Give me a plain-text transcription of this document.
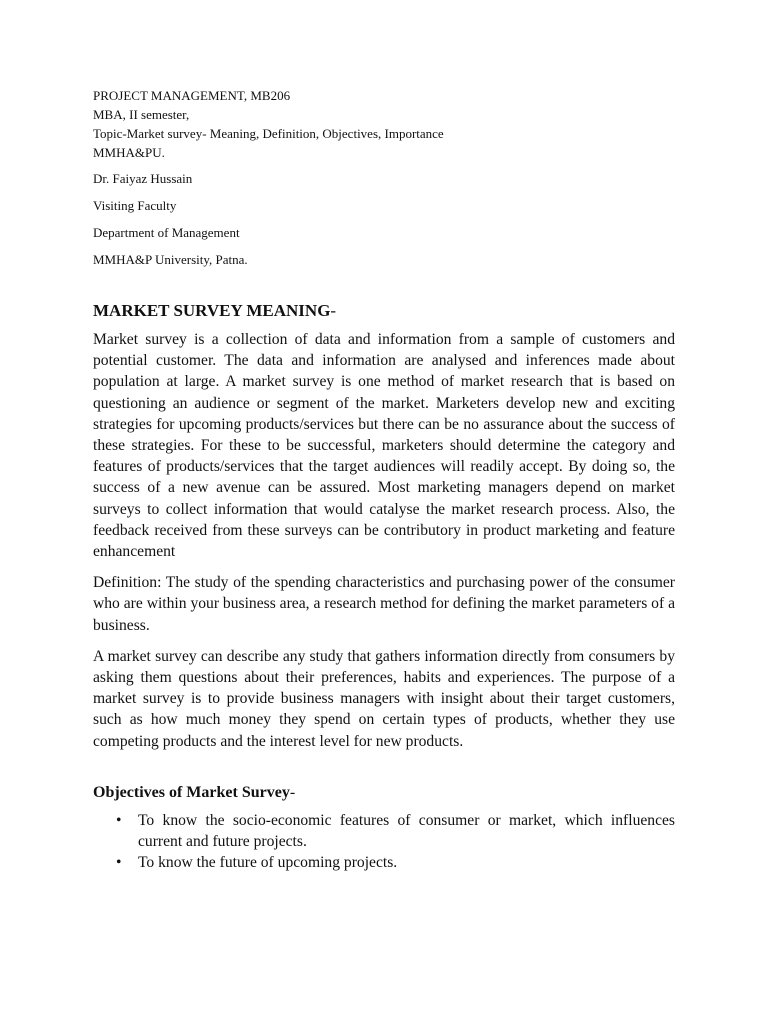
PROJECT MANAGEMENT, MB206

MBA, II semester,

Topic-Market survey- Meaning, Definition, Objectives, Importance

MMHA&PU.

Dr. Faiyaz Hussain

Visiting Faculty

Department of Management

MMHA&P University, Patna.

MARKET SURVEY MEANING-

Market survey is a collection of data and information from a sample of customers and potential customer. The data and information are analysed and inferences made about population at large. A market survey is one method of market research that is based on questioning an audience or segment of the market. Marketers develop new and exciting strategies for upcoming products/services but there can be no assurance about the success of these strategies. For these to be successful, marketers should determine the category and features of products/services that the target audiences will readily accept. By doing so, the success of a new avenue can be assured. Most marketing managers depend on market surveys to collect information that would catalyse the market research process. Also, the feedback received from these surveys can be contributory in product marketing and feature enhancement

Definition: The study of the spending characteristics and purchasing power of the consumer who are within your business area, a research method for defining the market parameters of a business.

A market survey can describe any study that gathers information directly from consumers by asking them questions about their preferences, habits and experiences. The purpose of a market survey is to provide business managers with insight about their target customers, such as how much money they spend on certain types of products, whether they use competing products and the interest level for new products.

Objectives of Market Survey-
• To know the socio-economic features of consumer or market, which influences current and future projects.
• To know the future of upcoming projects.
